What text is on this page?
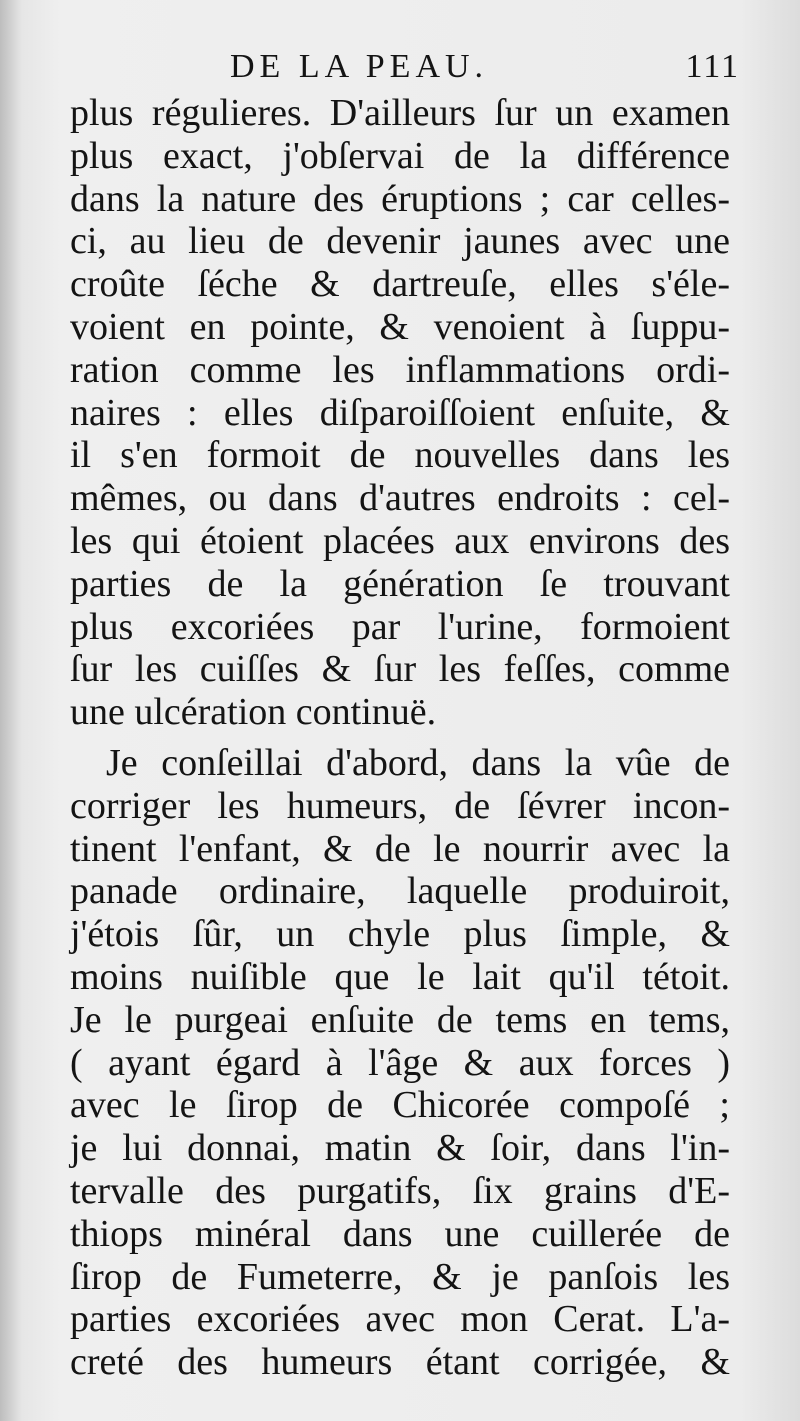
DE LA PEAU.	111
plus régulieres. D'ailleurs ſur un examen
plus exact, j'obſervai de la différence
dans la nature des éruptions ; car celles-
ci, au lieu de devenir jaunes avec une
croûte ſéche & dartreuſe, elles s'éle-
voient en pointe, & venoient à ſuppu-
ration comme les inflammations ordi-
naires : elles diſparoiſſoient enſuite, &
il s'en formoit de nouvelles dans les
mêmes, ou dans d'autres endroits : cel-
les qui étoient placées aux environs des
parties de la génération ſe trouvant
plus excoriées par l'urine, formoient
ſur les cuiſſes & ſur les feſſes, comme
une ulcération continuë.
Je conſeillai d'abord, dans la vûe de
corriger les humeurs, de ſévrer incon-
tinent l'enfant, & de le nourrir avec la
panade ordinaire, laquelle produiroit,
j'étois ſûr, un chyle plus ſimple, &
moins nuiſible que le lait qu'il tétoit.
Je le purgeai enſuite de tems en tems,
( ayant égard à l'âge & aux forces )
avec le ſirop de Chicorée compoſé ;
je lui donnai, matin & ſoir, dans l'in-
tervalle des purgatifs, ſix grains d'E-
thiops minéral dans une cuillerée de
ſirop de Fumeterre, & je panſois les
parties excoriées avec mon Cerat. L'a-
creté des humeurs étant corrigée, &
